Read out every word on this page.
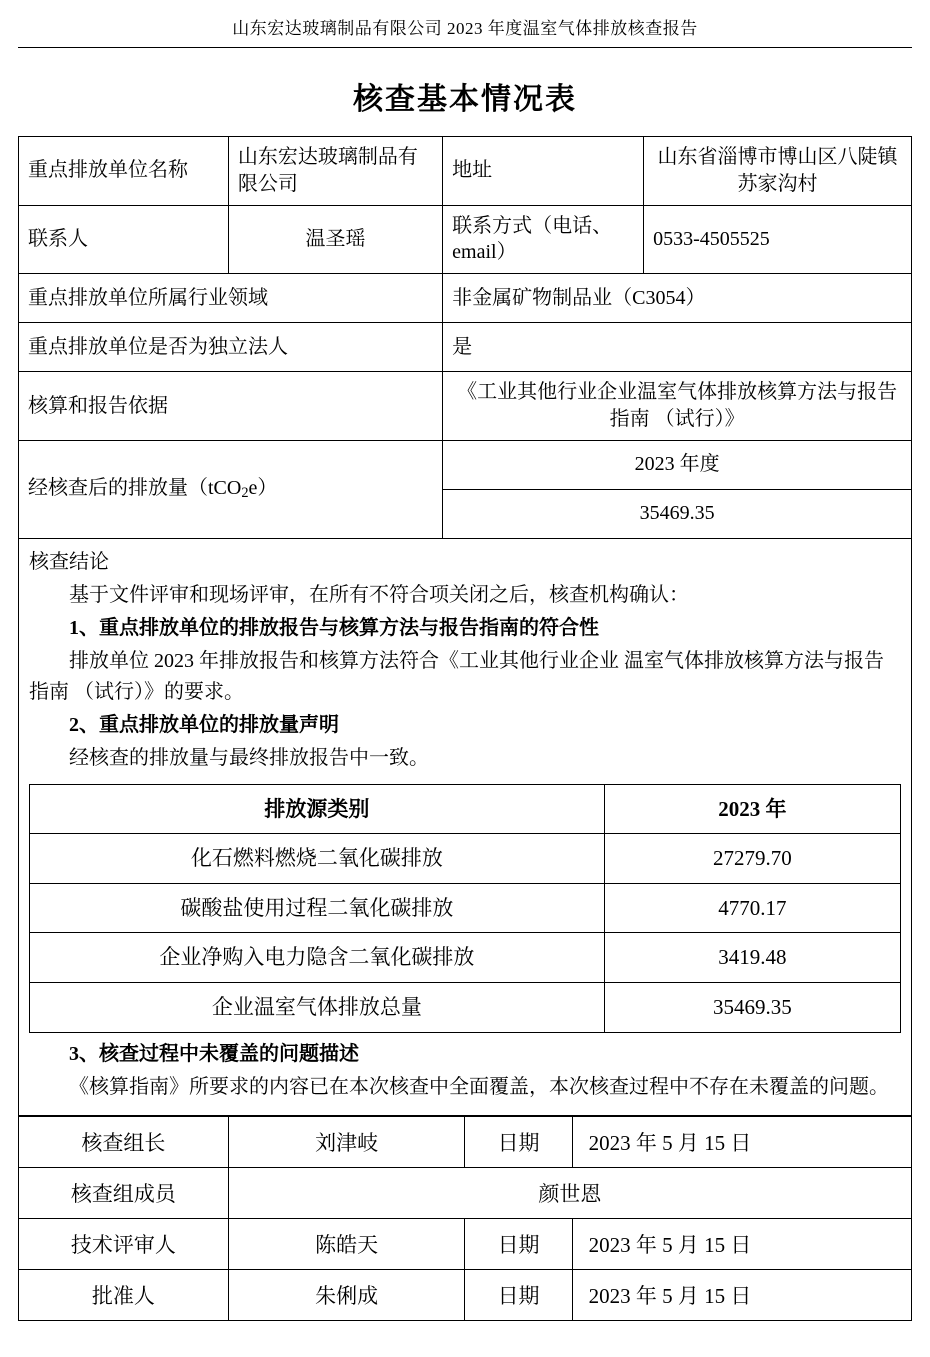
山东宏达玻璃制品有限公司 2023 年度温室气体排放核查报告
核查基本情况表
重点排放单位名称	山东宏达玻璃制品有限公司	地址	山东省淄博市博山区八陡镇苏家沟村
联系人	温圣瑶	联系方式（电话、email）	0533-4505525
重点排放单位所属行业领域		非金属矿物制品业（C3054）	
重点排放单位是否为独立法人		是	
核算和报告依据		《工业其他行业企业温室气体排放核算方法与报告指南 （试行）》	
经核查后的排放量（tCO$_2$e）		2023 年度	
		35469.35	

核查结论

基于文件评审和现场评审，在所有不符合项关闭之后，核查机构确认：

1、重点排放单位的排放报告与核算方法与报告指南的符合性

排放单位 2023 年排放报告和核算方法符合《工业其他行业企业 温室气体排放核算方法与报告指南 （试行）》的要求。

2、重点排放单位的排放量声明

经核查的排放量与最终排放报告中一致。

排放源类别	2023 年
化石燃料燃烧二氧化碳排放	27279.70
碳酸盐使用过程二氧化碳排放	4770.17
企业净购入电力隐含二氧化碳排放	3419.48
企业温室气体排放总量	35469.35

3、核查过程中未覆盖的问题描述

《核算指南》所要求的内容已在本次核查中全面覆盖，本次核查过程中不存在未覆盖的问题。

核查组长	刘津岐	日期	2023 年 5 月 15 日
核查组成员	颜世恩		
技术评审人	陈皓天	日期	2023 年 5 月 15 日
批准人	朱俐成	日期	2023 年 5 月 15 日
